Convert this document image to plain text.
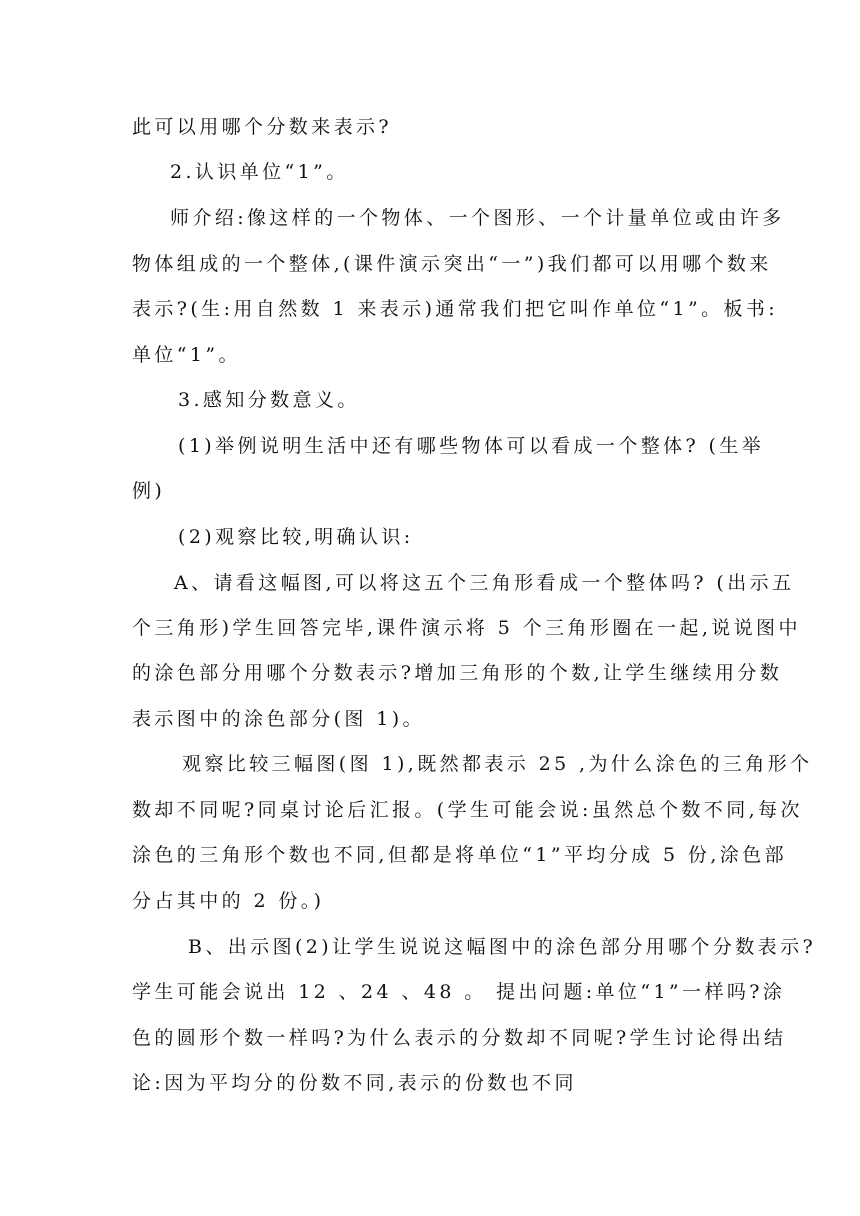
此可以用哪个分数来表示?
2.认识单位“1”。
师介绍:像这样的一个物体、一个图形、一个计量单位或由许多
物体组成的一个整体,(课件演示突出“一”)我们都可以用哪个数来
表示?(生:用自然数 1 来表示)通常我们把它叫作单位“1”。板书:
单位“1”。
3.感知分数意义。
(1)举例说明生活中还有哪些物体可以看成一个整体? (生举
例)
(2)观察比较,明确认识:
A、请看这幅图,可以将这五个三角形看成一个整体吗? (出示五
个三角形)学生回答完毕,课件演示将 5 个三角形圈在一起,说说图中
的涂色部分用哪个分数表示?增加三角形的个数,让学生继续用分数
表示图中的涂色部分(图 1)。
观察比较三幅图(图 1),既然都表示 25 ,为什么涂色的三角形个
数却不同呢?同桌讨论后汇报。(学生可能会说:虽然总个数不同,每次
涂色的三角形个数也不同,但都是将单位“1”平均分成 5 份,涂色部
分占其中的 2 份。)
B、出示图(2)让学生说说这幅图中的涂色部分用哪个分数表示?
学生可能会说出 12 、24 、48 。 提出问题:单位“1”一样吗?涂
色的圆形个数一样吗?为什么表示的分数却不同呢?学生讨论得出结
论:因为平均分的份数不同,表示的份数也不同
